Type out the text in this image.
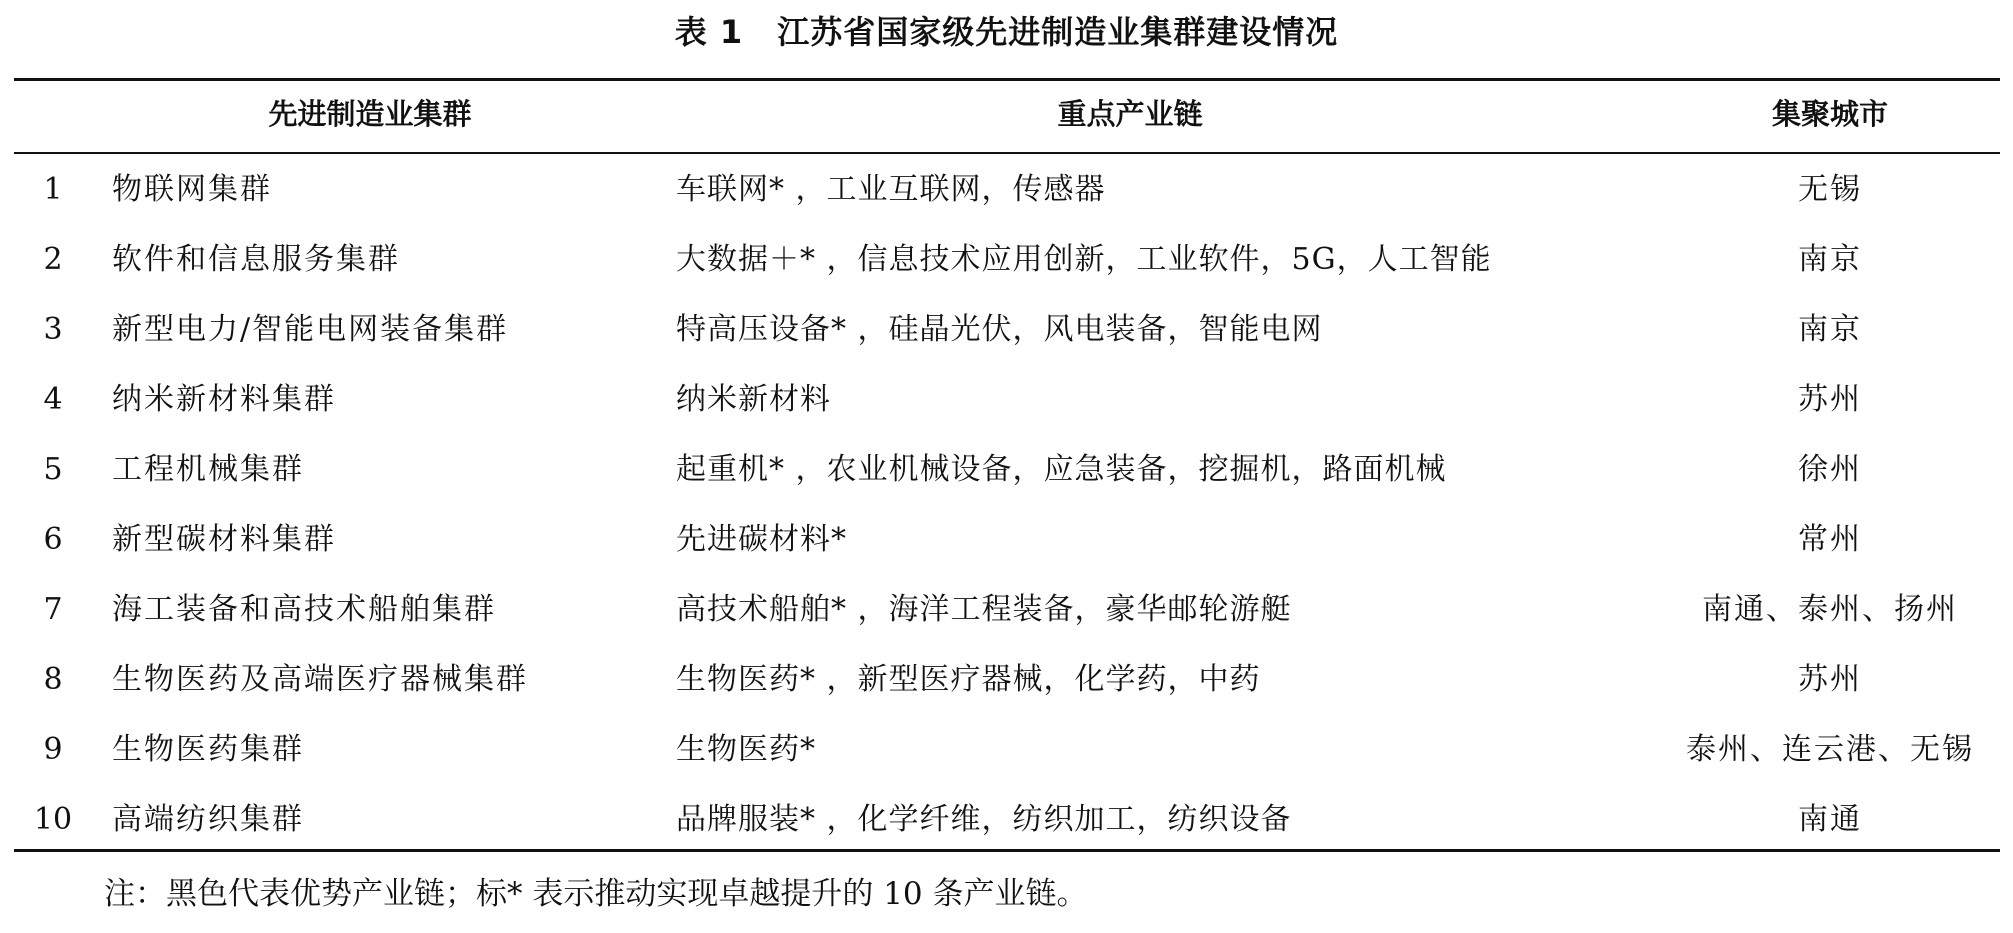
表 1 江苏省国家级先进制造业集群建设情况
先进制造业集群	重点产业链	集聚城市
1	物联网集群	车联网* ，工业互联网，传感器	无锡
2	软件和信息服务集群	大数据＋* ，信息技术应用创新，工业软件，5G，人工智能	南京
3	新型电力/智能电网装备集群	特高压设备* ，硅晶光伏，风电装备，智能电网	南京
4	纳米新材料集群	纳米新材料	苏州
5	工程机械集群	起重机* ，农业机械设备，应急装备，挖掘机，路面机械	徐州
6	新型碳材料集群	先进碳材料*	常州
7	海工装备和高技术船舶集群	高技术船舶* ，海洋工程装备，豪华邮轮游艇	南通、泰州、扬州
8	生物医药及高端医疗器械集群	生物医药* ，新型医疗器械，化学药，中药	苏州
9	生物医药集群	生物医药*	泰州、连云港、无锡
10 高端纺织集群	品牌服装* ，化学纤维，纺织加工，纺织设备	南通
注：黑色代表优势产业链；标* 表示推动实现卓越提升的 10 条产业链。
